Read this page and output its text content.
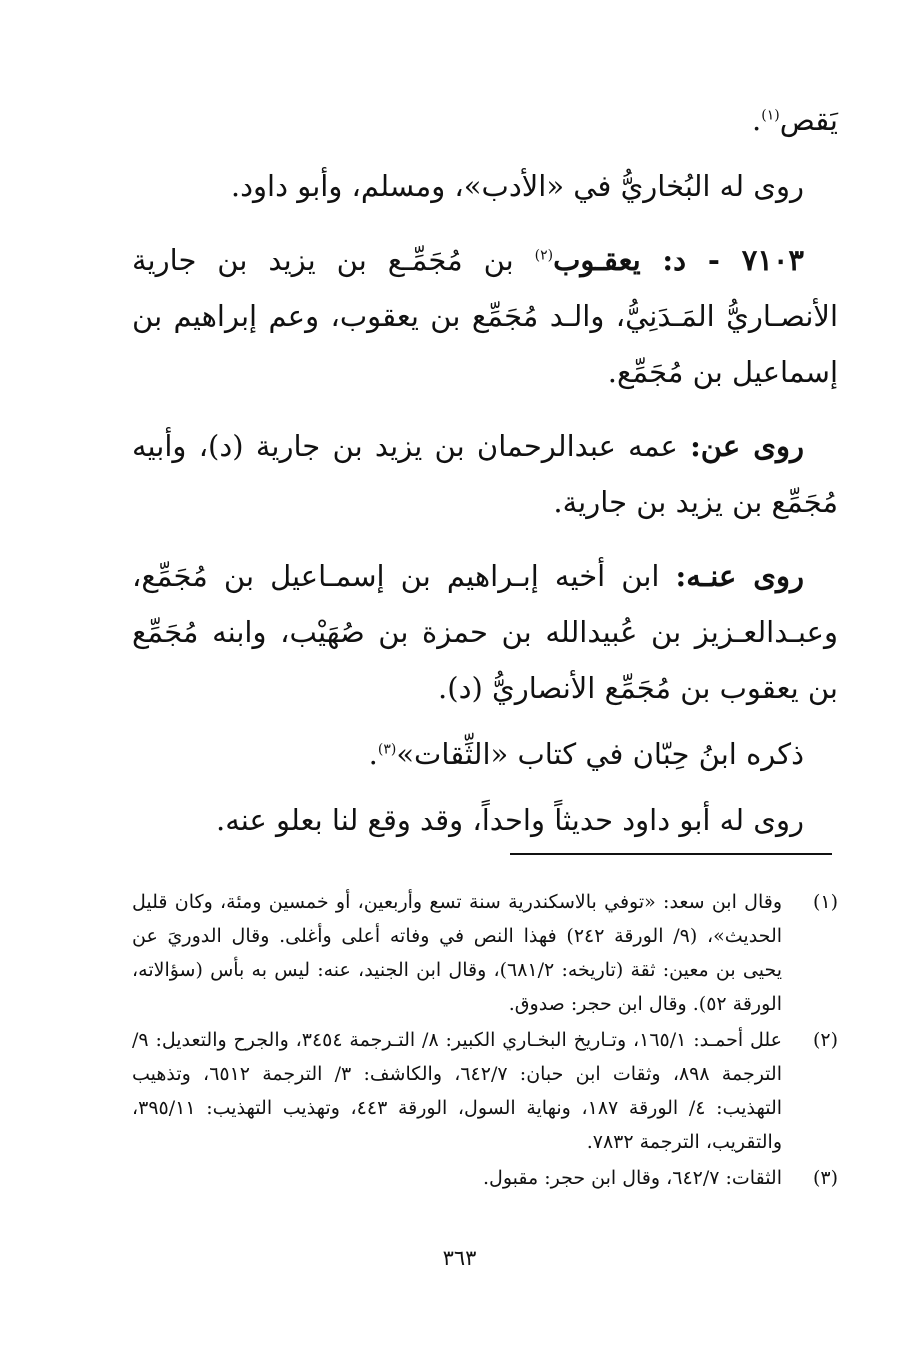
يَقص$^{(١)}$.

روى له البُخاريُّ في «الأدب»، ومسلم، وأبو داود.

٧١٠٣ - د: يعقـوب$^{(٢)}$ بن مُجَمِّـع بن يزيد بن جارية الأنصـاريُّ المَـدَنِيُّ، والـد مُجَمِّع بن يعقوب، وعم إبراهيم بن إسماعيل بن مُجَمِّع.

روى عن: عمه عبدالرحمان بن يزيد بن جارية (د)، وأبيه مُجَمِّع بن يزيد بن جارية.

روى عنـه: ابن أخيه إبـراهيم بن إسمـاعيل بن مُجَمِّع، وعبـدالعـزيز بن عُبيدالله بن حمزة بن صُهَيْب، وابنه مُجَمِّع بن يعقوب بن مُجَمِّع الأنصاريُّ (د).

ذكره ابنُ حِبّان في كتاب «الثِّقات»$^{(٣)}$.

روى له أبو داود حديثاً واحداً، وقد وقع لنا بعلو عنه.

(١)
وقال ابن سعد: «توفي بالاسكندرية سنة تسع وأربعين، أو خمسين ومئة، وكان قليل الحديث»، (٩/ الورقة ٢٤٢) فهذا النص في وفاته أعلى وأغلى. وقال الدوريَ عن يحيى بن معين: ثقة (تاريخه: ٦٨١/٢)، وقال ابن الجنيد، عنه: ليس به بأس (سؤالاته، الورقة ٥٢). وقال ابن حجر: صدوق.
(٢)
علل أحمـد: ١٦٥/١، وتـاريخ البخـاري الكبير: ٨/ التـرجمة ٣٤٥٤، والجرح والتعديل: ٩/ الترجمة ٨٩٨، وثقات ابن حبان: ٦٤٢/٧، والكاشف: ٣/ الترجمة ٦٥١٢، وتذهيب التهذيب: ٤/ الورقة ١٨٧، ونهاية السول، الورقة ٤٤٣، وتهذيب التهذيب: ٣٩٥/١١، والتقريب، الترجمة ٧٨٣٢.
(٣)
الثقات: ٦٤٢/٧، وقال ابن حجر: مقبول.
٣٦٣
